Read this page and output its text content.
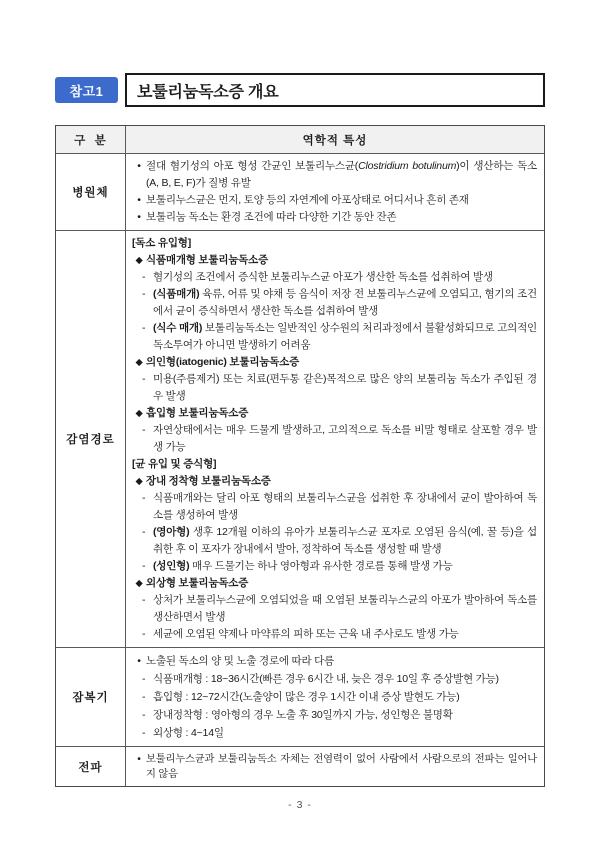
참고1	보툴리눔독소증 개요
구  분	역학적 특성
병원체
• 절대 혐기성의 아포 형성 간균인 보툴리누스균(Clostridium botulinum)이 생산하는 독소(A, B, E, F)가 질병 유발
• 보툴리누스균은 먼지, 토양 등의 자연계에 아포상태로 어디서나 흔히 존재
• 보툴리눔 독소는 환경 조건에 따라 다양한 기간 동안 잔존
감염경로
[독소 유입형]
◆ 식품매개형 보툴리눔독소증
- 혐기성의 조건에서 증식한 보툴리누스균 아포가 생산한 독소를 섭취하여 발생
- (식품매개) 육류, 어류 및 야채 등 음식이 저장 전 보툴리누스균에 오염되고, 혐기의 조건에서 균이 증식하면서 생산한 독소를 섭취하여 발생
- (식수 매개) 보툴리눔독소는 일반적인 상수원의 처리과정에서 불활성화되므로 고의적인 독소투여가 아니면 발생하기 어려움
◆ 의인형(iatogenic) 보툴리눔독소증
- 미용(주름제거) 또는 치료(편두통 같은)목적으로 많은 양의 보툴리눔 독소가 주입된 경우 발생
◆ 흡입형 보툴리눔독소증
- 자연상태에서는 매우 드물게 발생하고, 고의적으로 독소를 비말 형태로 살포할 경우 발생 가능
[균 유입 및 증식형]
◆ 장내 정착형 보툴리눔독소증
- 식품매개와는 달리 아포 형태의 보툴리누스균을 섭취한 후 장내에서 균이 발아하여 독소를 생성하여 발생
- (영아형) 생후 12개월 이하의 유아가 보툴리누스균 포자로 오염된 음식(예, 꿀 등)을 섭취한 후 이 포자가 장내에서 발아, 정착하여 독소를 생성할 때 발생
- (성인형) 매우 드물기는 하나 영아형과 유사한 경로를 통해 발생 가능
◆ 외상형 보툴리눔독소증
- 상처가 보툴리누스균에 오염되었을 때 오염된 보툴리누스균의 아포가 발아하여 독소를 생산하면서 발생
- 세균에 오염된 약제나 마약류의 피하 또는 근육 내 주사로도 발생 가능
잠복기
• 노출된 독소의 양 및 노출 경로에 따라 다름
- 식품매개형 : 18~36시간(빠른 경우 6시간 내, 늦은 경우 10일 후 증상발현 가능)
- 흡입형 : 12~72시간(노출양이 많은 경우 1시간 이내 증상 발현도 가능)
- 장내정착형 : 영아형의 경우 노출 후 30일까지 가능, 성인형은 불명확
- 외상형 : 4~14일
전파
• 보툴리누스균과 보툴리눔독소 자체는 전염력이 없어 사람에서 사람으로의 전파는 일어나지 않음
- 3 -
